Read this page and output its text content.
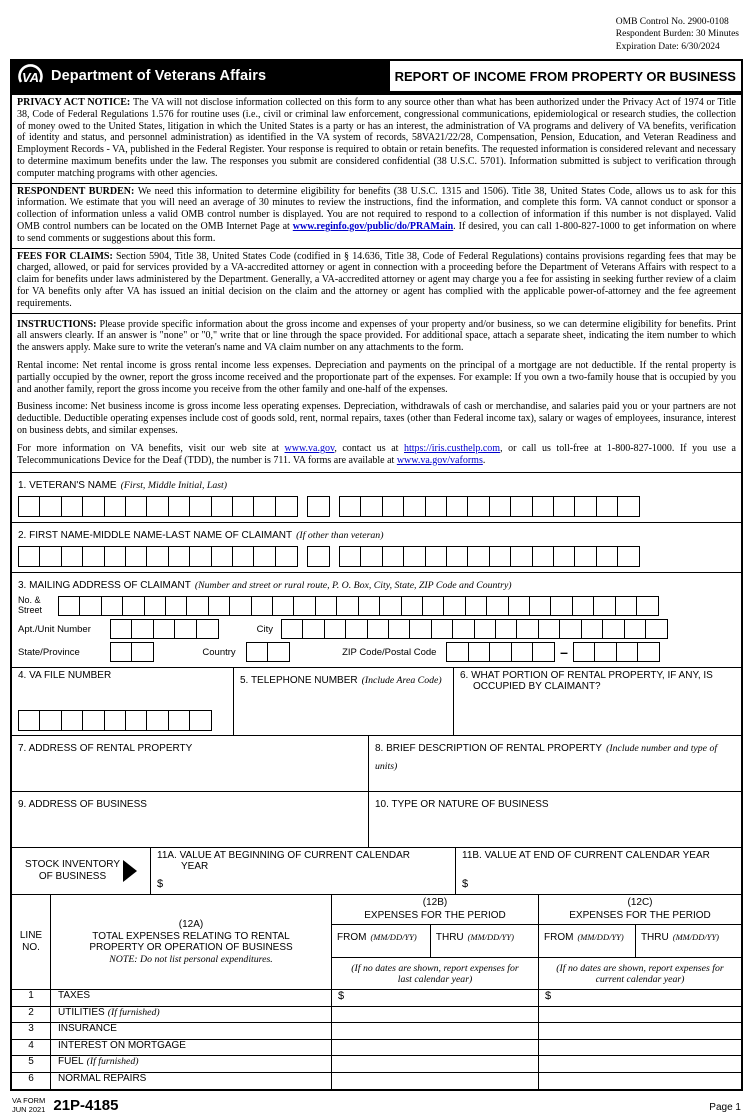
OMB Control No. 2900-0108
Respondent Burden: 30 Minutes
Expiration Date: 6/30/2024
VA Department of Veterans Affairs	REPORT OF INCOME FROM PROPERTY OR BUSINESS
PRIVACY ACT NOTICE: The VA will not disclose information collected on this form to any source other than what has been authorized under the Privacy Act of 1974 or Title 38, Code of Federal Regulations 1.576 for routine uses (i.e., civil or criminal law enforcement, congressional communications, epidemiological or research studies, the collection of money owed to the United States, litigation in which the United States is a party or has an interest, the administration of VA programs and delivery of VA benefits, verification of identity and status, and personnel administration) as identified in the VA system of records, 58VA21/22/28, Compensation, Pension, Education, and Veteran Readiness and Employment Records - VA, published in the Federal Register. Your response is required to obtain or retain benefits. The requested information is considered relevant and necessary to determine maximum benefits under the law. The responses you submit are considered confidential (38 U.S.C. 5701). Information submitted is subject to verification through computer matching programs with other agencies.
RESPONDENT BURDEN: We need this information to determine eligibility for benefits (38 U.S.C. 1315 and 1506). Title 38, United States Code, allows us to ask for this information. We estimate that you will need an average of 30 minutes to review the instructions, find the information, and complete this form. VA cannot conduct or sponsor a collection of information unless a valid OMB control number is displayed. You are not required to respond to a collection of information if this number is not displayed. Valid OMB control numbers can be located on the OMB Internet Page at www.reginfo.gov/public/do/PRAMain. If desired, you can call 1-800-827-1000 to get information on where to send comments or suggestions about this form.
FEES FOR CLAIMS: Section 5904, Title 38, United States Code (codified in § 14.636, Title 38, Code of Federal Regulations) contains provisions regarding fees that may be charged, allowed, or paid for services provided by a VA-accredited attorney or agent in connection with a proceeding before the Department of Veterans Affairs with respect to a claim for benefits under laws administered by the Department. Generally, a VA-accredited attorney or agent may charge you a fee for assisting in seeking further review of a claim for VA benefits only after VA has issued an initial decision on the claim and the attorney or agent has complied with the applicable power-of-attorney and the fee agreement requirements.
INSTRUCTIONS: Please provide specific information about the gross income and expenses of your property and/or business, so we can determine eligibility for benefits. Print all answers clearly. If an answer is "none" or "0," write that or line through the space provided. For additional space, attach a separate sheet, indicating the item number to which the answers apply. Make sure to write the veteran's name and VA claim number on any attachments to the form.
Rental income: Net rental income is gross rental income less expenses. Depreciation and payments on the principal of a mortgage are not deductible. If the rental property is partially occupied by the owner, report the gross income received and the proportionate part of the expenses. For example: If you own a two-family house that is occupied by you and another family, report the gross income you receive from the other family and one-half of the expenses.
Business income: Net business income is gross income less operating expenses. Depreciation, withdrawals of cash or merchandise, and salaries paid you or your partners are not deductible. Deductible operating expenses include cost of goods sold, rent, normal repairs, taxes (other than Federal income tax), salary or wages of employees, insurance, interest on business debts, and similar expenses.
For more information on VA benefits, visit our web site at www.va.gov, contact us at https://iris.custhelp.com, or call us toll-free at 1-800-827-1000. If you use a Telecommunications Device for the Deaf (TDD), the number is 711. VA forms are available at www.va.gov/vaforms.
1. VETERAN'S NAME (First, Middle Initial, Last)
2. FIRST NAME-MIDDLE NAME-LAST NAME OF CLAIMANT (If other than veteran)
3. MAILING ADDRESS OF CLAIMANT (Number and street or rural route, P. O. Box, City, State, ZIP Code and Country)
No. & Street
Apt./Unit Number	City
State/Province	Country	ZIP Code/Postal Code	–
4. VA FILE NUMBER	5. TELEPHONE NUMBER (Include Area Code)	6. WHAT PORTION OF RENTAL PROPERTY, IF ANY, IS OCCUPIED BY CLAIMANT?
7. ADDRESS OF RENTAL PROPERTY	8. BRIEF DESCRIPTION OF RENTAL PROPERTY (Include number and type of units)
9. ADDRESS OF BUSINESS	10. TYPE OR NATURE OF BUSINESS
STOCK INVENTORY
OF BUSINESS
11A. VALUE AT BEGINNING OF CURRENT CALENDAR YEAR
$
11B. VALUE AT END OF CURRENT CALENDAR YEAR
$
LINE
NO.
(12A)
TOTAL EXPENSES RELATING TO RENTAL PROPERTY OR OPERATION OF BUSINESS
NOTE: Do not list personal expenditures.
(12B)
EXPENSES FOR THE PERIOD
FROM (MM/DD/YY)	THRU (MM/DD/YY)
(If no dates are shown, report expenses for last calendar year)
(12C)
EXPENSES FOR THE PERIOD
FROM (MM/DD/YY)	THRU (MM/DD/YY)
(If no dates are shown, report expenses for current calendar year)
1	TAXES	$	$
2	UTILITIES (If furnished)
3	INSURANCE
4	INTEREST ON MORTGAGE
5	FUEL (If furnished)
6	NORMAL REPAIRS
VA FORM
JUN 2021 21P-4185	Page 1
